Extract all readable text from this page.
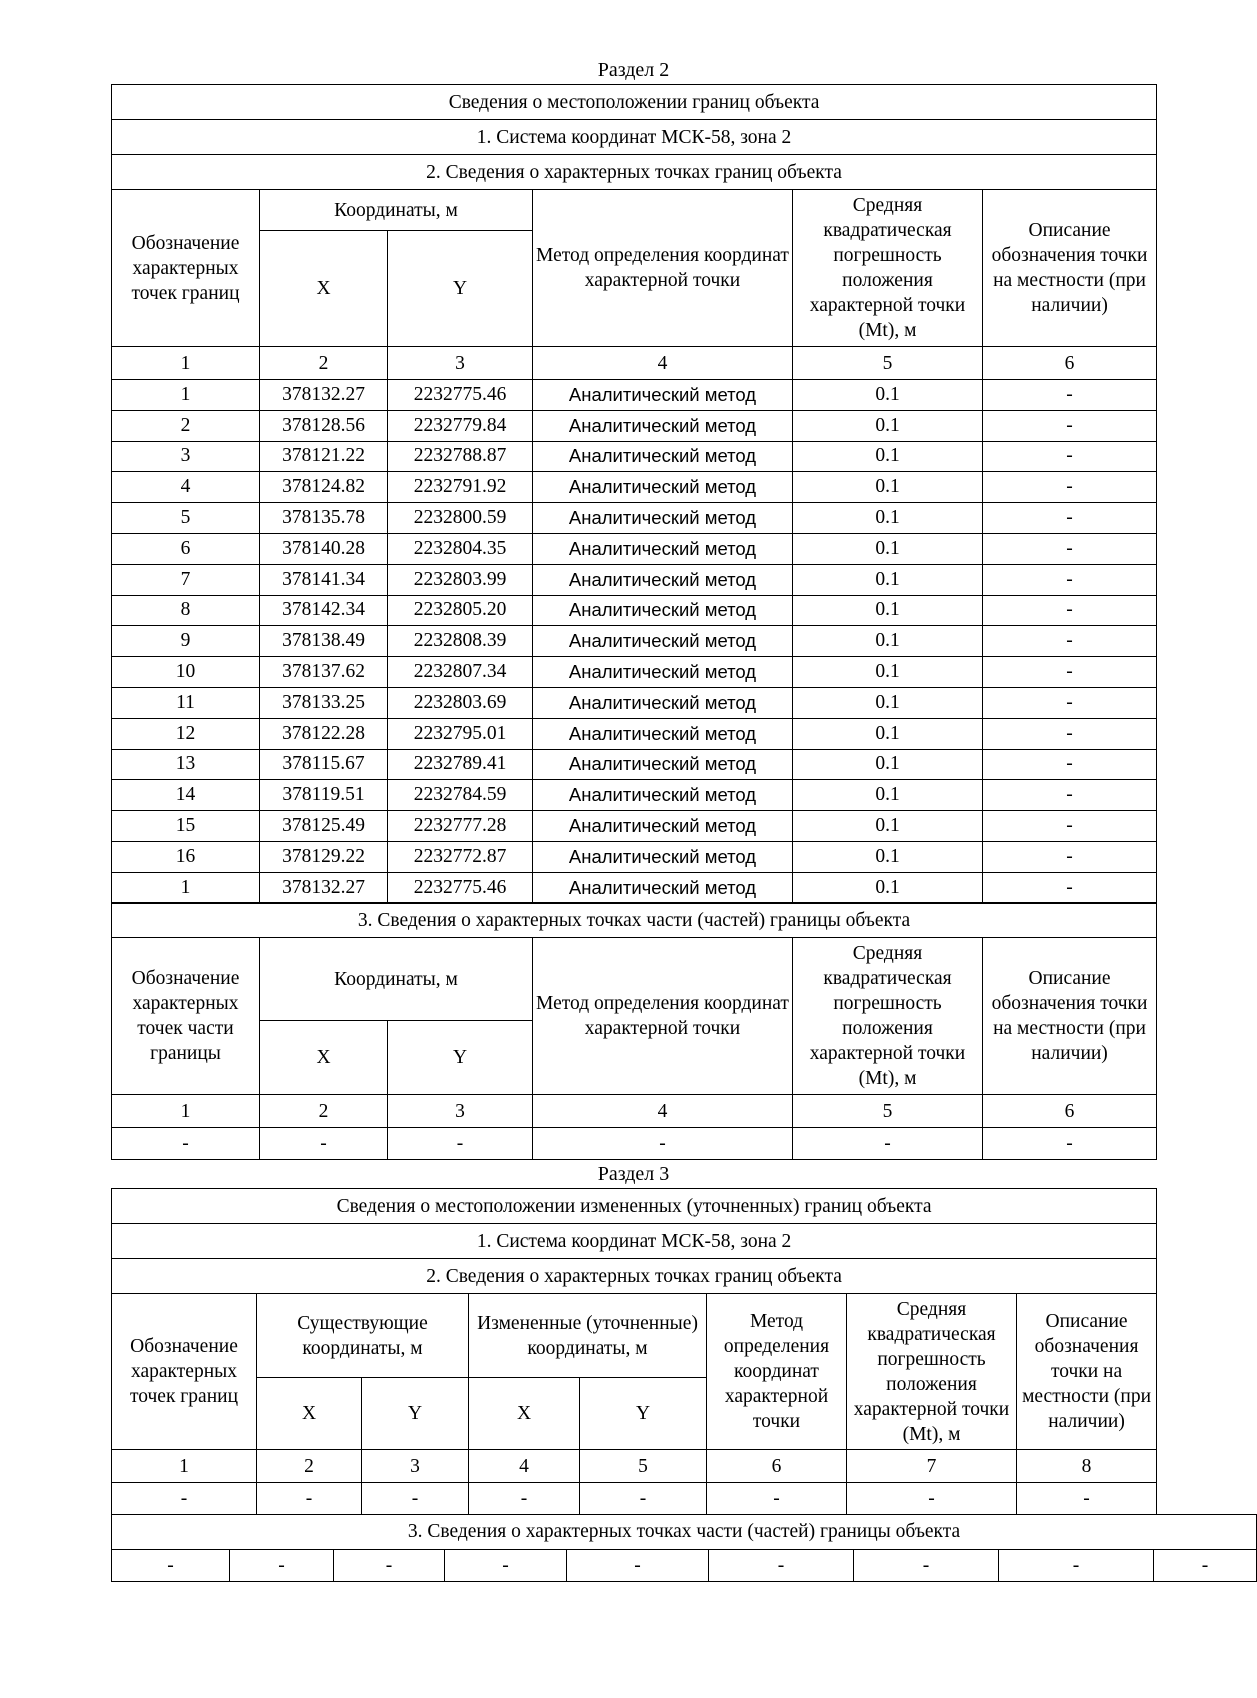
Раздел 2
Сведения о местоположении границ объекта					
1. Система координат МСК-58, зона 2					
2. Сведения о характерных точках границ объекта					
Обозначение характерных точек границ	Координаты, м		Метод определения координат характерной точки	Средняя квадратическая погрешность положения характерной точки (Mt), м	Описание обозначения точки на местности (при наличии)
	X	Y			
1	2	3	4	5	6
1	378132.27	2232775.46	Аналитический метод	0.1	-
2	378128.56	2232779.84	Аналитический метод	0.1	-
3	378121.22	2232788.87	Аналитический метод	0.1	-
4	378124.82	2232791.92	Аналитический метод	0.1	-
5	378135.78	2232800.59	Аналитический метод	0.1	-
6	378140.28	2232804.35	Аналитический метод	0.1	-
7	378141.34	2232803.99	Аналитический метод	0.1	-
8	378142.34	2232805.20	Аналитический метод	0.1	-
9	378138.49	2232808.39	Аналитический метод	0.1	-
10	378137.62	2232807.34	Аналитический метод	0.1	-
11	378133.25	2232803.69	Аналитический метод	0.1	-
12	378122.28	2232795.01	Аналитический метод	0.1	-
13	378115.67	2232789.41	Аналитический метод	0.1	-
14	378119.51	2232784.59	Аналитический метод	0.1	-
15	378125.49	2232777.28	Аналитический метод	0.1	-
16	378129.22	2232772.87	Аналитический метод	0.1	-
1	378132.27	2232775.46	Аналитический метод	0.1	-
3. Сведения о характерных точках части (частей) границы объекта					
Обозначение характерных точек части границы	Координаты, м		Метод определения координат характерной точки	Средняя квадратическая погрешность положения характерной точки (Mt), м	Описание обозначения точки на местности (при наличии)
	X	Y			
1	2	3	4	5	6
-	-	-	-	-	-
Раздел 3
Сведения о местоположении измененных (уточненных) границ объекта							
1. Система координат МСК-58, зона 2							
2. Сведения о характерных точках границ объекта							
Обозначение характерных точек границ	Существующие координаты, м		Измененные (уточненные) координаты, м		Метод определения координат характерной точки	Средняя квадратическая погрешность положения характерной точки (Mt), м	Описание обозначения точки на местности (при наличии)
	X	Y	X	Y			
1	2	3	4	5	6	7	8
-	-	-	-	-	-	-	-
3. Сведения о характерных точках части (частей) границы объекта
-	-	-	-	-	-	-	-	-
